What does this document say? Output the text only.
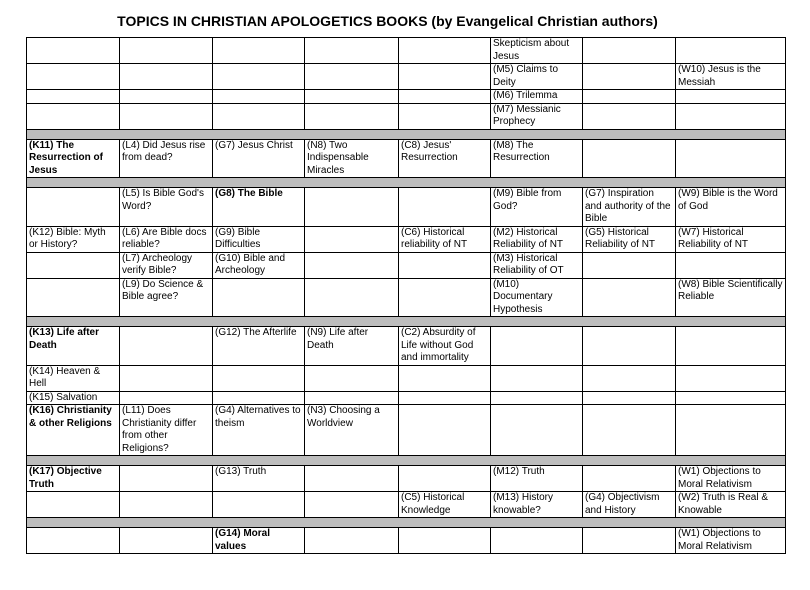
TOPICS IN CHRISTIAN APOLOGETICS BOOKS (by Evangelical Christian authors)
					Skepticism about Jesus		
					(M5) Claims to Deity		(W10) Jesus is the Messiah
					(M6) Trilemma		
					(M7) Messianic Prophecy		

(K11) The Resurrection of Jesus	(L4) Did Jesus rise from dead?	(G7) Jesus Christ	(N8) Two Indispensable Miracles	(C8) Jesus' Resurrection	(M8) The Resurrection		

	(L5) Is Bible God's Word?	(G8) The Bible			(M9) Bible from God?	(G7) Inspiration and authority of the Bible	(W9) Bible is the Word of God
(K12) Bible: Myth or History?	(L6) Are Bible docs reliable?	(G9) Bible Difficulties		(C6) Historical reliability of NT	(M2) Historical Reliability of NT	(G5) Historical Reliability of NT	(W7) Historical Reliability of NT
	(L7) Archeology verify Bible?	(G10) Bible and Archeology			(M3) Historical Reliability of OT		
	(L9) Do Science & Bible agree?				(M10) Documentary Hypothesis		(W8) Bible Scientifically Reliable

(K13) Life after Death		(G12) The Afterlife	(N9) Life after Death	(C2) Absurdity of Life without God and immortality			
(K14) Heaven & Hell							
(K15) Salvation							
(K16) Christianity & other Religions	(L11) Does Christianity differ from other Religions?	(G4) Alternatives to theism	(N3) Choosing a Worldview				

(K17) Objective Truth		(G13) Truth			(M12) Truth		(W1) Objections to Moral Relativism
				(C5) Historical Knowledge	(M13) History knowable?	(G4) Objectivism and History	(W2) Truth is Real & Knowable

		(G14) Moral values					(W1) Objections to Moral Relativism
